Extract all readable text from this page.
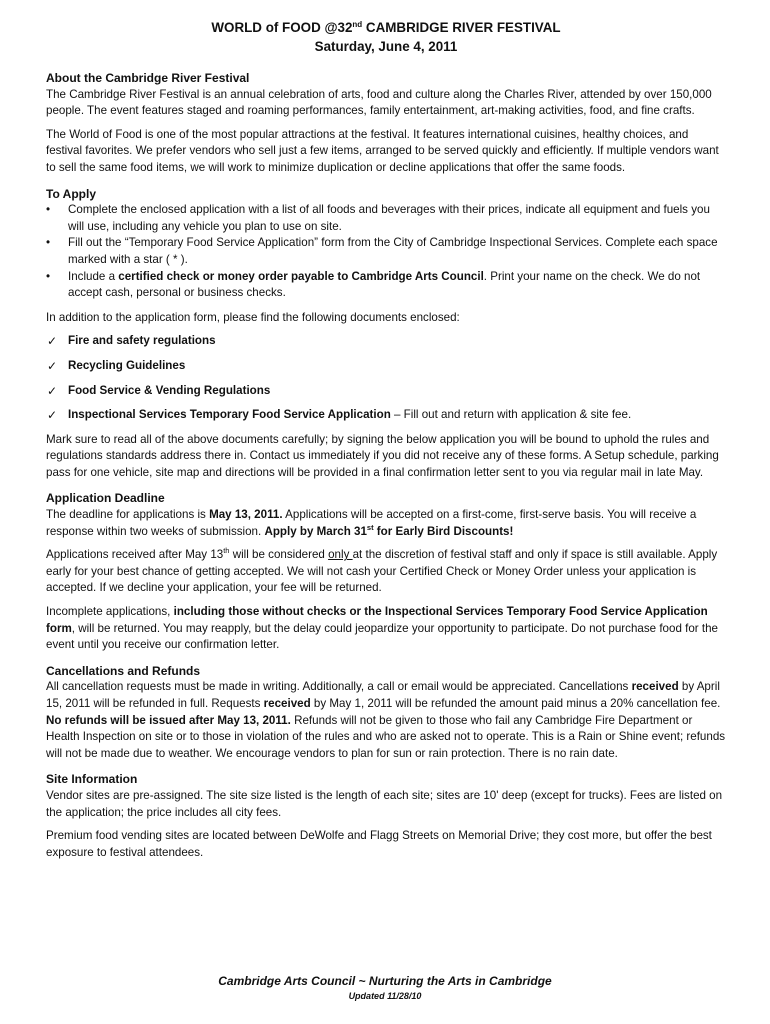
WORLD of FOOD @32nd CAMBRIDGE RIVER FESTIVAL
Saturday, June 4, 2011
About the Cambridge River Festival

The Cambridge River Festival is an annual celebration of arts, food and culture along the Charles River, attended by over 150,000 people. The event features staged and roaming performances, family entertainment, art-making activities, food, and fine crafts.

The World of Food is one of the most popular attractions at the festival. It features international cuisines, healthy choices, and festival favorites. We prefer vendors who sell just a few items, arranged to be served quickly and efficiently. If multiple vendors want to sell the same food items, we will work to minimize duplication or decline applications that offer the same foods.

To Apply
• Complete the enclosed application with a list of all foods and beverages with their prices, indicate all equipment and fuels you will use, including any vehicle you plan to use on site.
• Fill out the “Temporary Food Service Application” form from the City of Cambridge Inspectional Services. Complete each space marked with a star ( * ).
• Include a certified check or money order payable to Cambridge Arts Council. Print your name on the check. We do not accept cash, personal or business checks.

In addition to the application form, please find the following documents enclosed:

✓ Fire and safety regulations
✓ Recycling Guidelines
✓ Food Service & Vending Regulations
✓ Inspectional Services Temporary Food Service Application – Fill out and return with application & site fee.

Mark sure to read all of the above documents carefully; by signing the below application you will be bound to uphold the rules and regulations standards address there in. Contact us immediately if you did not receive any of these forms. A Setup schedule, parking pass for one vehicle, site map and directions will be provided in a final confirmation letter sent to you via regular mail in late May.

Application Deadline

The deadline for applications is May 13, 2011. Applications will be accepted on a first-come, first-serve basis. You will receive a response within two weeks of submission. Apply by March 31st for Early Bird Discounts!

Applications received after May 13th will be considered only at the discretion of festival staff and only if space is still available. Apply early for your best chance of getting accepted. We will not cash your Certified Check or Money Order unless your application is accepted. If we decline your application, your fee will be returned.

Incomplete applications, including those without checks or the Inspectional Services Temporary Food Service Application form, will be returned. You may reapply, but the delay could jeopardize your opportunity to participate. Do not purchase food for the event until you receive our confirmation letter.

Cancellations and Refunds

All cancellation requests must be made in writing. Additionally, a call or email would be appreciated. Cancellations received by April 15, 2011 will be refunded in full. Requests received by May 1, 2011 will be refunded the amount paid minus a 20% cancellation fee. No refunds will be issued after May 13, 2011. Refunds will not be given to those who fail any Cambridge Fire Department or Health Inspection on site or to those in violation of the rules and who are asked not to operate. This is a Rain or Shine event; refunds will not be made due to weather. We encourage vendors to plan for sun or rain protection. There is no rain date.

Site Information

Vendor sites are pre-assigned. The site size listed is the length of each site; sites are 10' deep (except for trucks). Fees are listed on the application; the price includes all city fees.

Premium food vending sites are located between DeWolfe and Flagg Streets on Memorial Drive; they cost more, but offer the best exposure to festival attendees.

Cambridge Arts Council ~ Nurturing the Arts in Cambridge
Updated 11/28/10
